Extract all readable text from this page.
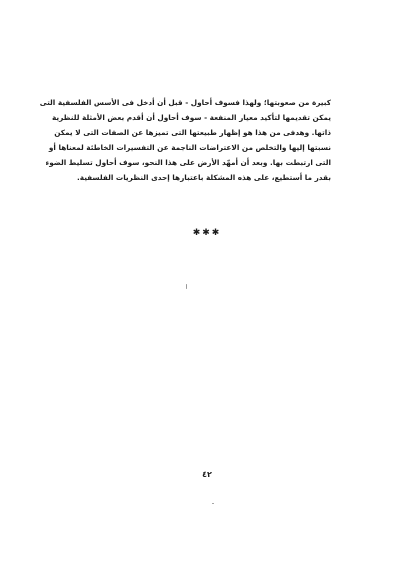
كبيرة من صعوبتها؛ ولهذا فسوف أحاول - قبل أن أدخل فى الأسس الفلسفية التى
يمكن تقديمها لتأكيد معيار المنفعة - سوف أحاول أن أقدم بعض الأمثلة للنظرية
ذاتها. وهدفى من هذا هو إظهار طبيعتها التى تميزها عن الصفات التى لا يمكن
نسبتها إليها والتخلص من الاعتراضات الناجمة عن التفسيرات الخاطئة لمعناها أو
التى ارتبطت بها. وبعد أن أمهّد الأرض على هذا النحو، سوف أحاول تسليط الضوء
بقدر ما أستطيع، على هذه المشكلة باعتبارها إحدى النظريات الفلسفية.
✱✱✱
٤٢
